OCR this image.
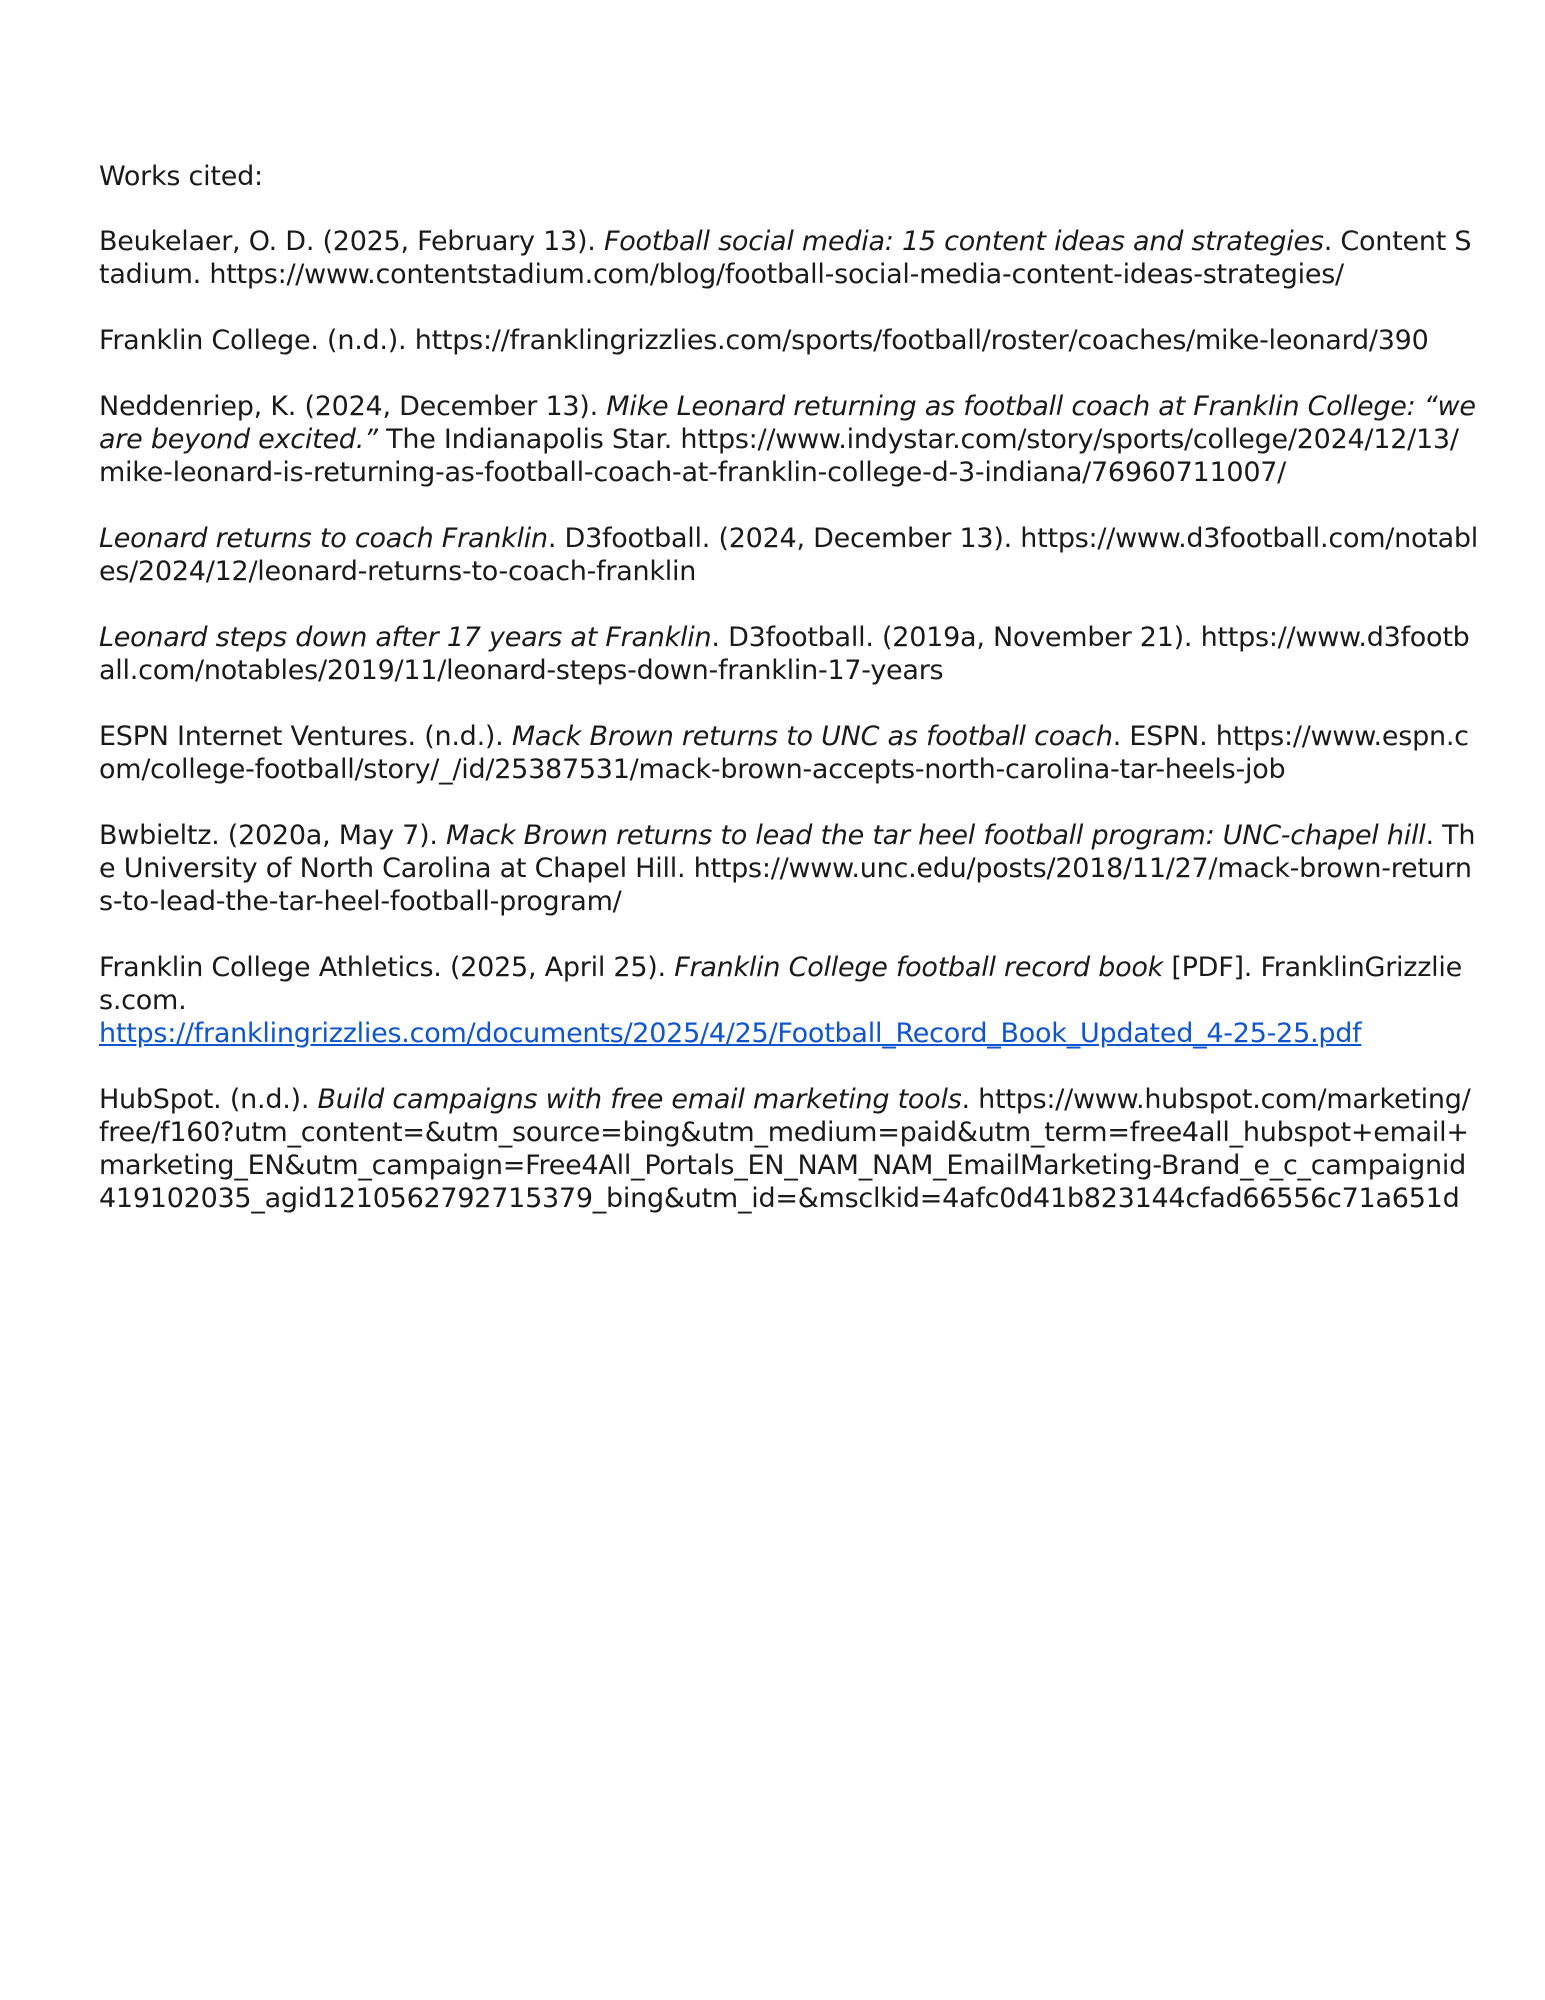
Works cited:
Beukelaer, O. D. (2025, February 13). Football social media: 15 content ideas and strategies. Content Stadium. https://www.contentstadium.com/blog/football-social-media-content-ideas-strategies/
Franklin College. (n.d.). https://franklingrizzlies.com/sports/football/roster/coaches/mike-leonard/390
Neddenriep, K. (2024, December 13). Mike Leonard returning as football coach at Franklin College: “we are beyond excited.” The Indianapolis Star. https://www.indystar.com/story/sports/college/2024/12/13/mike-leonard-is-returning-as-football-coach-at-franklin-college-d-3-indiana/76960711007/
Leonard returns to coach Franklin. D3football. (2024, December 13). https://www.d3football.com/notables/2024/12/leonard-returns-to-coach-franklin
Leonard steps down after 17 years at Franklin. D3football. (2019a, November 21). https://www.d3football.com/notables/2019/11/leonard-steps-down-franklin-17-years
ESPN Internet Ventures. (n.d.). Mack Brown returns to UNC as football coach. ESPN. https://www.espn.com/college-football/story/_/id/25387531/mack-brown-accepts-north-carolina-tar-heels-job
Bwbieltz. (2020a, May 7). Mack Brown returns to lead the tar heel football program: UNC-chapel hill. The University of North Carolina at Chapel Hill. https://www.unc.edu/posts/2018/11/27/mack-brown-returns-to-lead-the-tar-heel-football-program/
Franklin College Athletics. (2025, April 25). Franklin College football record book [PDF]. FranklinGrizzlies.com.
https://franklingrizzlies.com/documents/2025/4/25/Football_Record_Book_Updated_4-25-25.pdf
HubSpot. (n.d.). Build campaigns with free email marketing tools. https://www.hubspot.com/marketing/free/f160?utm_content=&utm_source=bing&utm_medium=paid&utm_term=free4all_hubspot+email+marketing_EN&utm_campaign=Free4All_Portals_EN_NAM_NAM_EmailMarketing-Brand_e_c_campaignid419102035_agid1210562792715379_bing&utm_id=&msclkid=4afc0d41b823144cfad66556c71a651d
